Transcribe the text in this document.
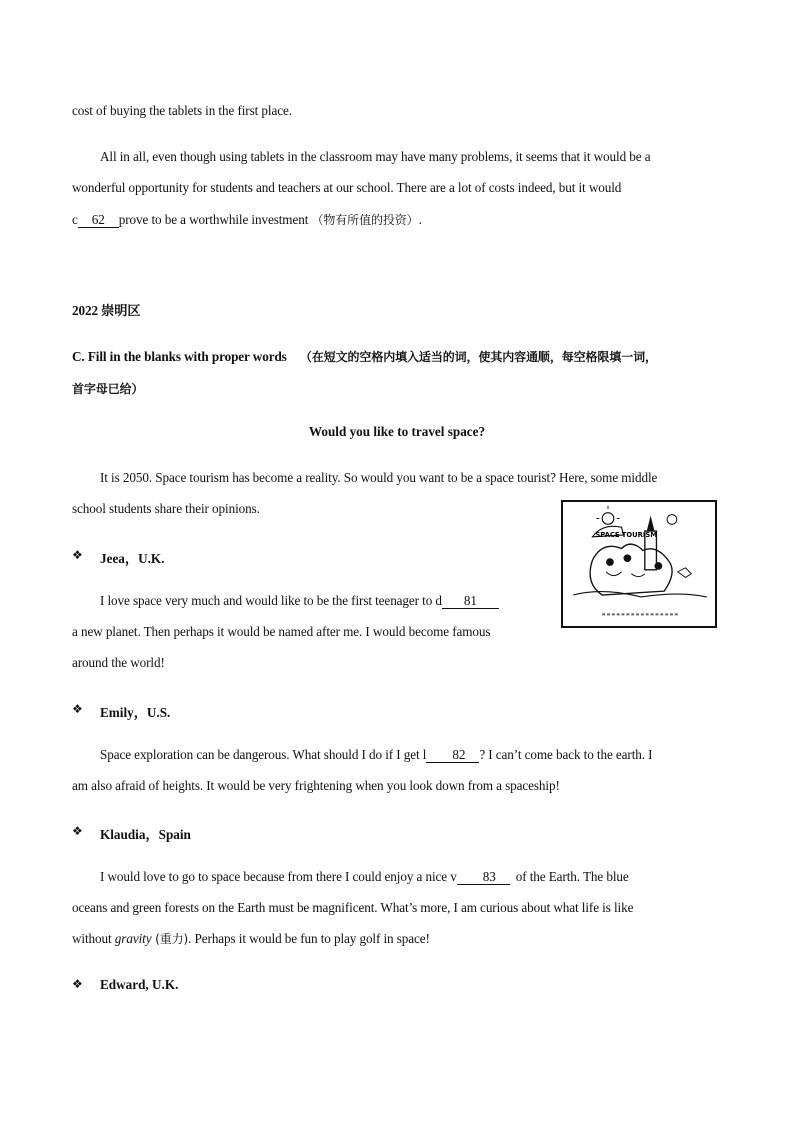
cost of buying the tablets in the first place.
All in all, even though using tablets in the classroom may have many problems, it seems that it would be a
wonderful opportunity for students and teachers at our school. There are a lot of costs indeed, but it would
c 62 prove to be a worthwhile investment （物有所值的投资）.
2022 崇明区
C. Fill in the blanks with proper words （在短文的空格内填入适当的词，使其内容通顺，每空格限填一词，
首字母已给）
Would you like to travel space?
It is 2050. Space tourism has become a reality. So would you want to be a space tourist? Here, some middle
school students share their opinions.
SPACE TOURISM
❖ Jeea，U.K.
I love space very much and would like to be the first teenager to d 81
a new planet. Then perhaps it would be named after me. I would become famous
around the world!
❖ Emily，U.S.
Space exploration can be dangerous. What should I do if I get l 82 ? I can’t come back to the earth. I
am also afraid of heights. It would be very frightening when you look down from a spaceship!
❖ Klaudia，Spain
I would love to go to space because from there I could enjoy a nice v 83 of the Earth. The blue
oceans and green forests on the Earth must be magnificent. What’s more, I am curious about what life is like
without gravity (重力). Perhaps it would be fun to play golf in space!
❖ Edward, U.K.
